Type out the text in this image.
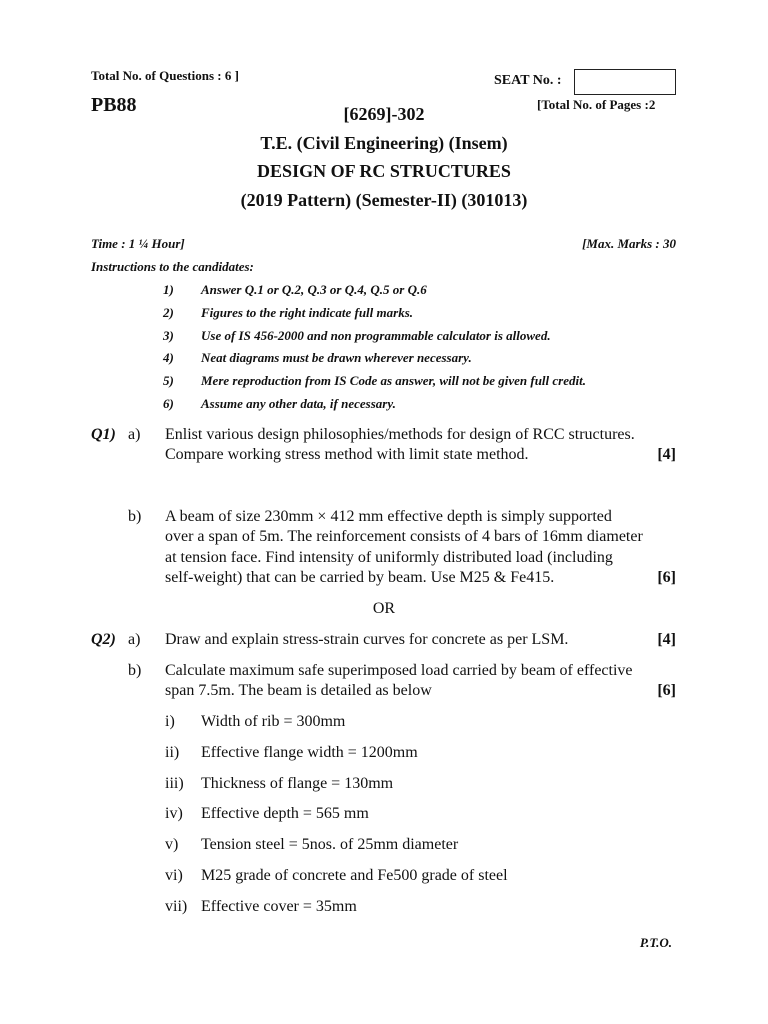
Total No. of Questions : 6 ]	SEAT No. :
PB88	[Total No. of Pages :2
[6269]-302
T.E. (Civil Engineering) (Insem)
DESIGN OF RC STRUCTURES
(2019 Pattern) (Semester-II) (301013)
Time : 1 ¼ Hour]	[Max. Marks : 30
Instructions to the candidates:
1) Answer Q.1 or Q.2, Q.3 or Q.4, Q.5 or Q.6
2) Figures to the right indicate full marks.
3) Use of IS 456-2000 and non programmable calculator is allowed.
4) Neat diagrams must be drawn wherever necessary.
5) Mere reproduction from IS Code as answer, will not be given full credit.
6) Assume any other data, if necessary.
Q1) a) Enlist various design philosophies/methods for design of RCC structures.
Compare working stress method with limit state method.	[4]
b) A beam of size 230mm × 412 mm effective depth is simply supported
over a span of 5m. The reinforcement consists of 4 bars of 16mm diameter
at tension face. Find intensity of uniformly distributed load (including
self-weight) that can be carried by beam. Use M25 & Fe415.	[6]
OR
Q2) a) Draw and explain stress-strain curves for concrete as per LSM.	[4]
b) Calculate maximum safe superimposed load carried by beam of effective
span 7.5m. The beam is detailed as below	[6]
i) Width of rib = 300mm
ii) Effective flange width = 1200mm
iii) Thickness of flange = 130mm
iv) Effective depth = 565 mm
v) Tension steel = 5nos. of 25mm diameter
vi) M25 grade of concrete and Fe500 grade of steel
vii) Effective cover = 35mm
P.T.O.
